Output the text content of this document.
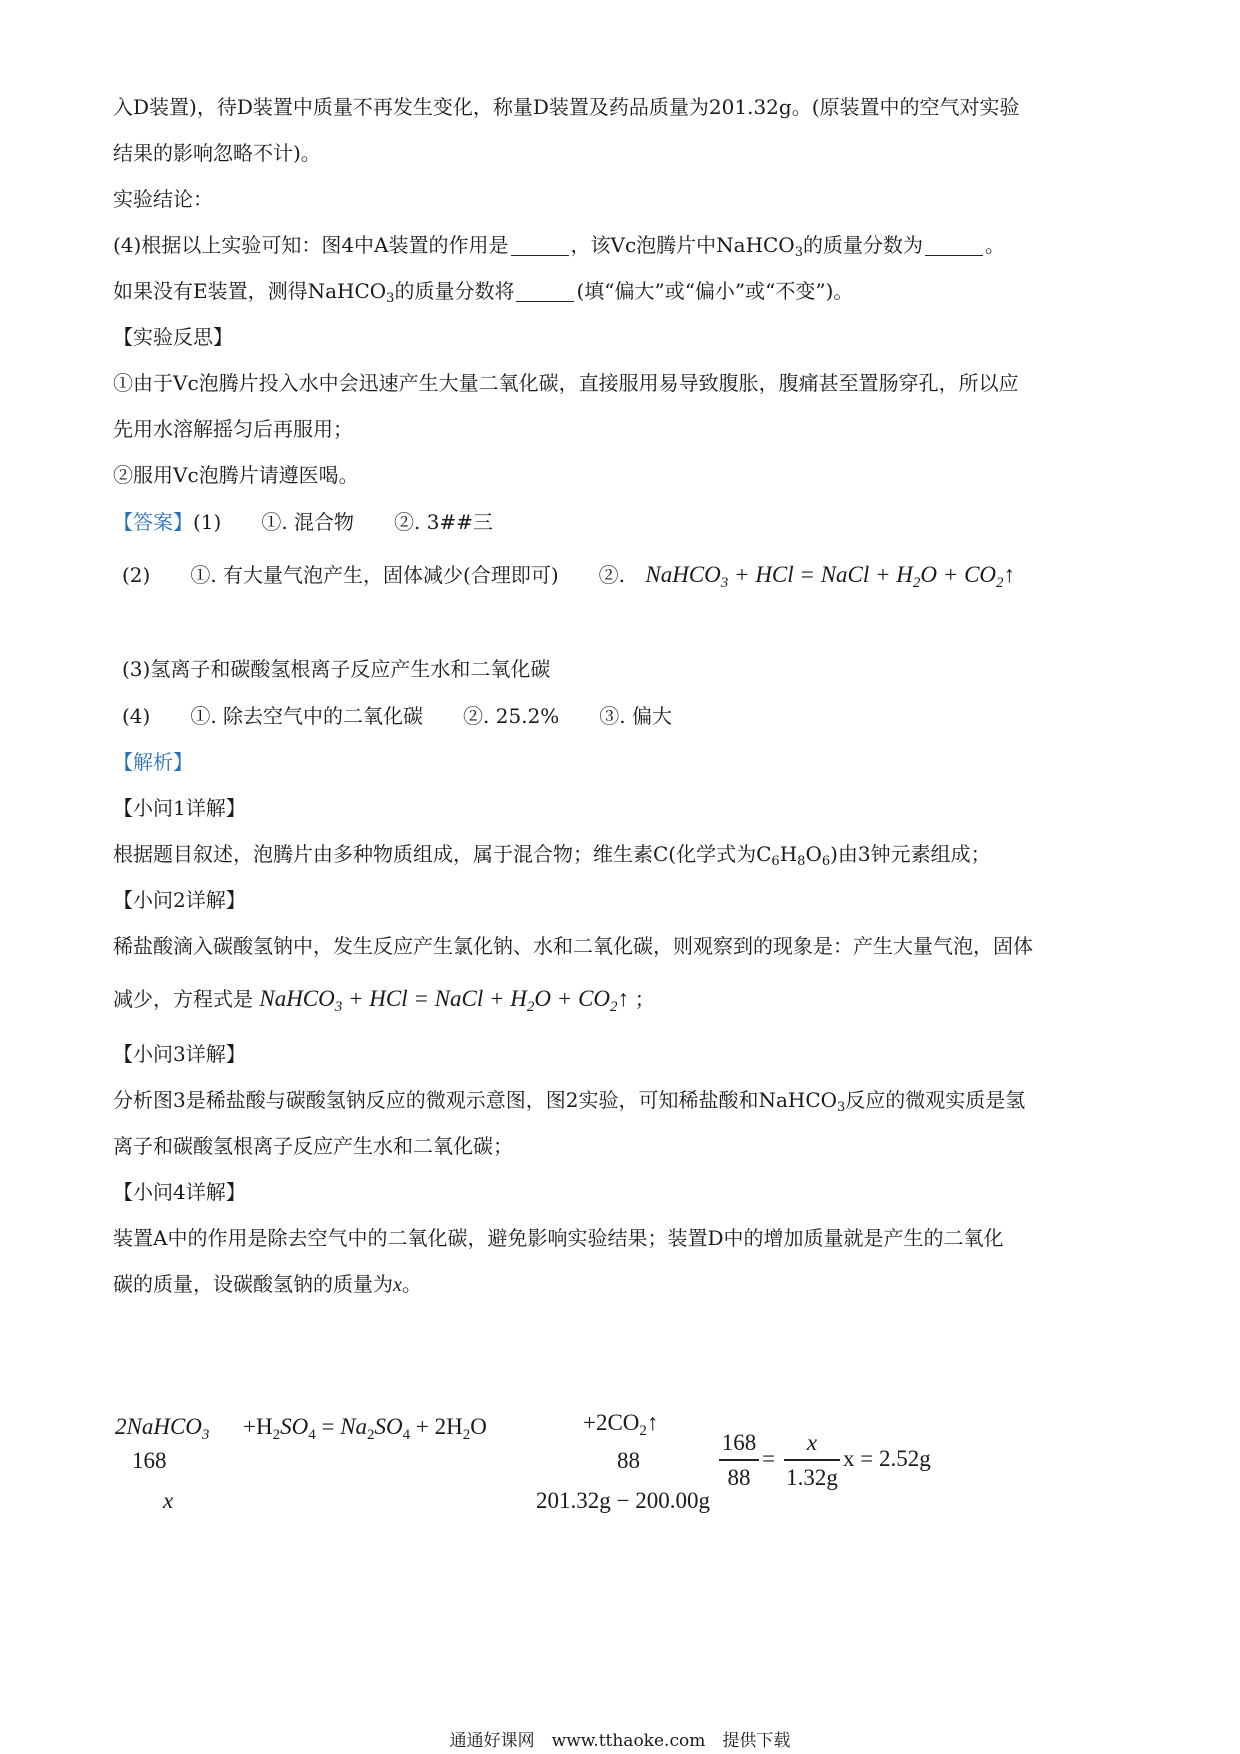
入D装置)，待D装置中质量不再发生变化，称量D装置及药品质量为201.32g。(原装置中的空气对实验
结果的影响忽略不计)。
实验结论：
(4)根据以上实验可知：图4中A装置的作用是	，该Vc泡腾片中NaHCO$_3$的质量分数为	。
如果没有E装置，测得NaHCO$_3$的质量分数将	(填“偏大”或“偏小”或“不变”)。
【实验反思】
①由于Vc泡腾片投入水中会迅速产生大量二氧化碳，直接服用易导致腹胀，腹痛甚至置肠穿孔，所以应
先用水溶解摇匀后再服用；
②服用Vc泡腾片请遵医喝。
【答案】(1)　　①. 混合物　　②. 3##三
(2)　　①. 有大量气泡产生，固体减少(合理即可)　　②. NaHCO$_3$ + HCl = NaCl + $H_2O$ + $CO_2↑$
(3)氢离子和碳酸氢根离子反应产生水和二氧化碳
(4)　　①. 除去空气中的二氧化碳　　②. 25.2%　　③. 偏大
【解析】
【小问1详解】
根据题目叙述，泡腾片由多种物质组成，属于混合物；维生素C(化学式为$C_6H_8O_6$)由3钟元素组成；
【小问2详解】
稀盐酸滴入碳酸氢钠中，发生反应产生氯化钠、水和二氧化碳，则观察到的现象是：产生大量气泡，固体
减少，方程式是 NaHCO$_3$ + HCl = NaCl + $H_2O$ + $CO_2↑$ ；
【小问3详解】
分析图3是稀盐酸与碳酸氢钠反应的微观示意图，图2实验，可知稀盐酸和NaHCO$_3$反应的微观实质是氢
离子和碳酸氢根离子反应产生水和二氧化碳；
【小问4详解】
装置A中的作用是除去空气中的二氧化碳，避免影响实验结果；装置D中的增加质量就是产生的二氧化
碳的质量，设碳酸氢钠的质量为x。
2NaHCO$_3$ $+H_2SO_4 = Na_2SO_4 + 2H_2O$	$+2CO_2↑$
168	88
x	201.32g − 200.00g
168
88
=
x
1.32g
x = 2.52g
通通好课网　www.tthaoke.com　提供下载
